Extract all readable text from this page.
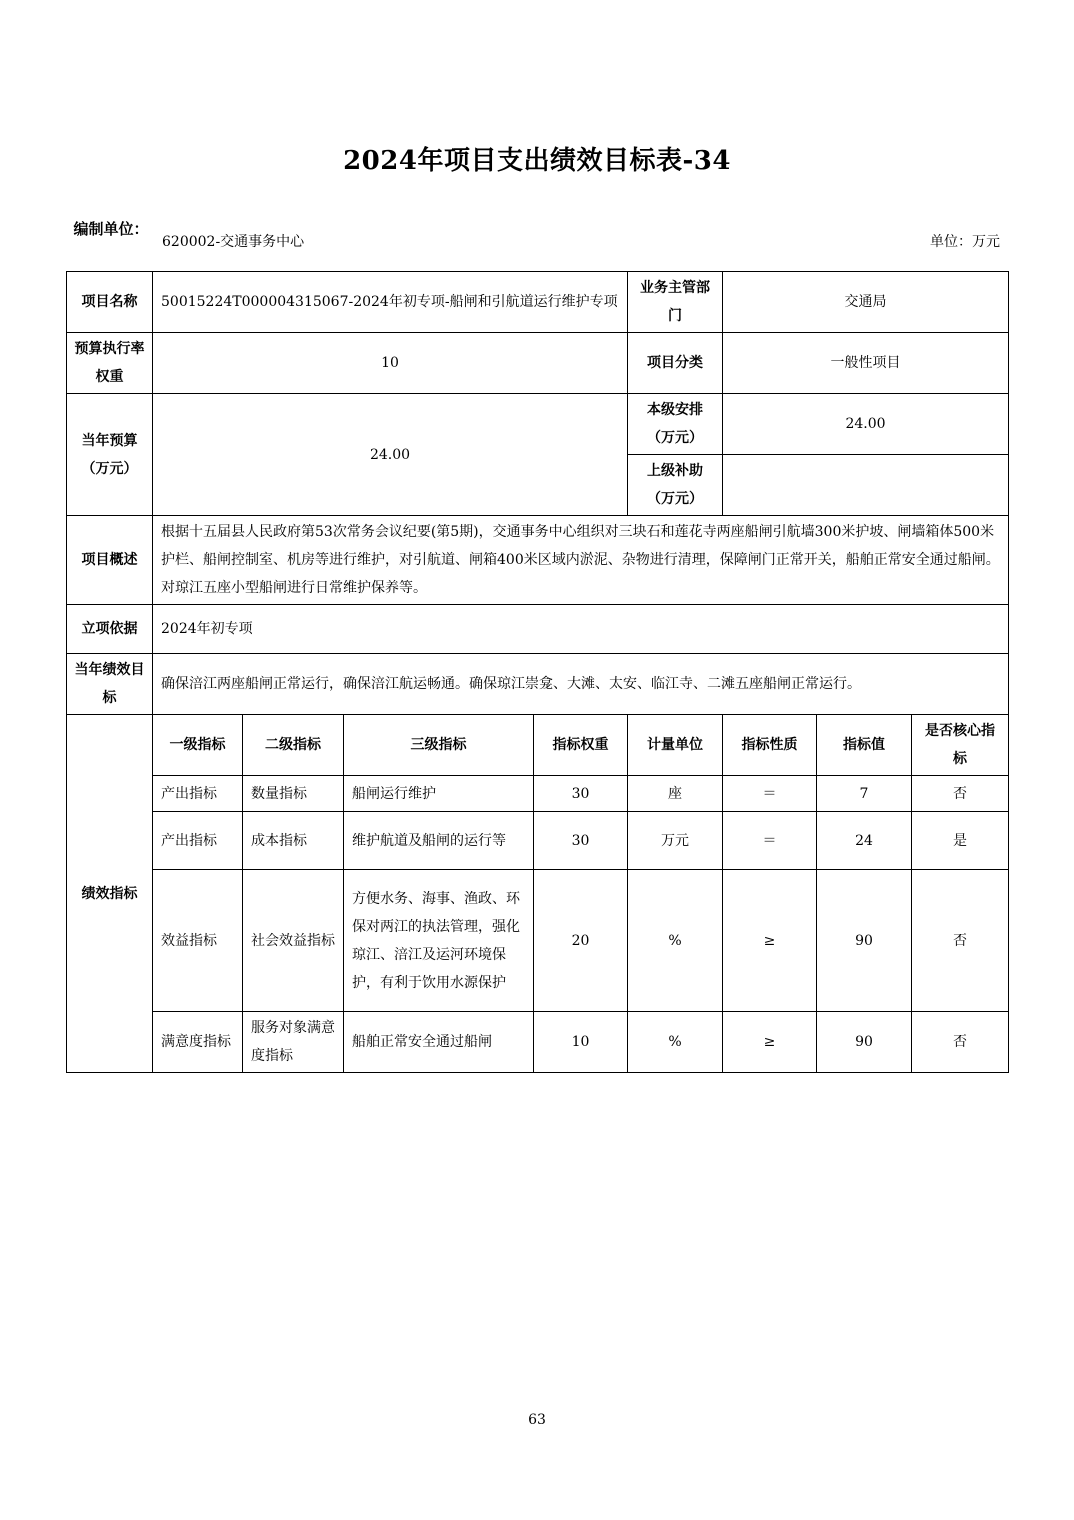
2024年项目支出绩效目标表-34
编制单位：
620002-交通事务中心	单位：万元
项目名称	50015224T000004315067-2024年初专项-船闸和引航道运行维护专项				业务主管部门	交通局		
预算执行率权重	10				项目分类	一般性项目		
当年预算（万元）	24.00				本级安排（万元）	24.00		
					上级补助（万元）			
项目概述	根据十五届县人民政府第53次常务会议纪要(第5期)，交通事务中心组织对三块石和莲花寺两座船闸引航墙300米护坡、闸墙箱体500米护栏、船闸控制室、机房等进行维护，对引航道、闸箱400米区域内淤泥、杂物进行清理，保障闸门正常开关，船舶正常安全通过船闸。对琼江五座小型船闸进行日常维护保养等。							
立项依据	2024年初专项							
当年绩效目标	确保涪江两座船闸正常运行，确保涪江航运畅通。确保琼江崇龛、大滩、太安、临江寺、二滩五座船闸正常运行。							
绩效指标	一级指标	二级指标	三级指标	指标权重	计量单位	指标性质	指标值	是否核心指标
	产出指标	数量指标	船闸运行维护	30	座	＝	7	否
	产出指标	成本指标	维护航道及船闸的运行等	30	万元	＝	24	是
	效益指标	社会效益指标	方便水务、海事、渔政、环保对两江的执法管理，强化琼江、涪江及运河环境保护，有利于饮用水源保护	20	%	≥	90	否
	满意度指标	服务对象满意度指标	船舶正常安全通过船闸	10	%	≥	90	否
63
